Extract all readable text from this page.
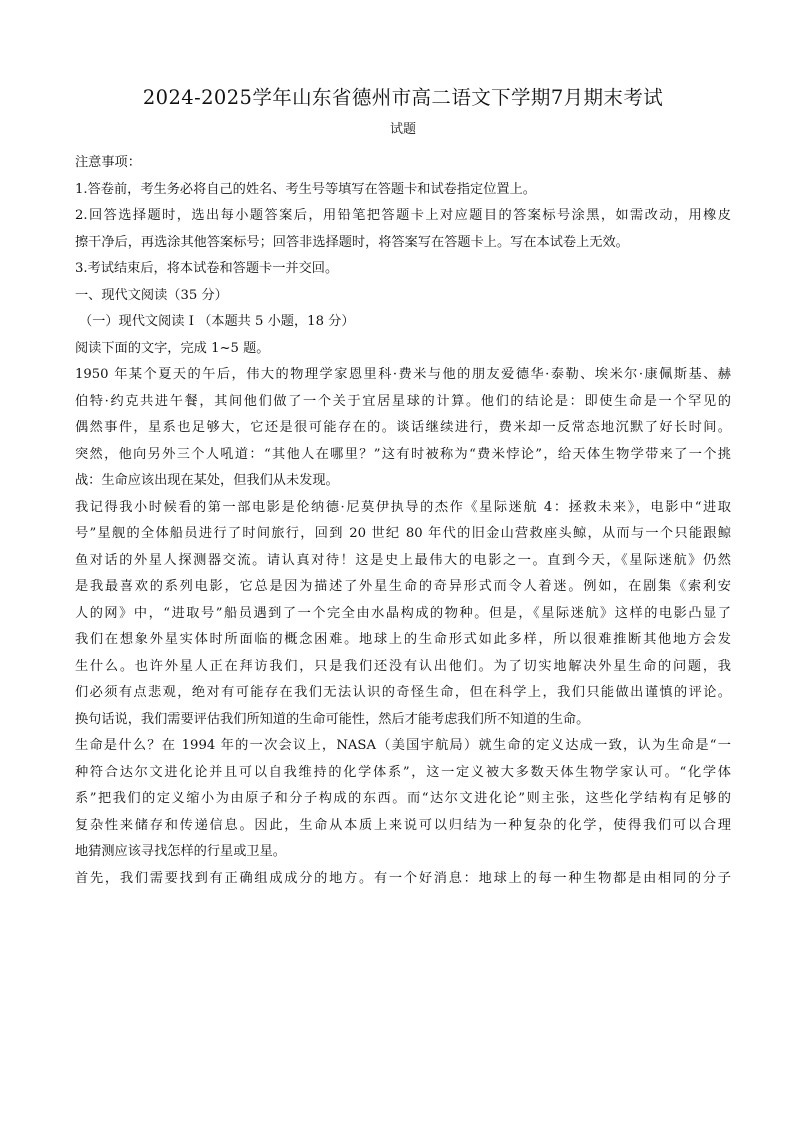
2024-2025学年山东省德州市高二语文下学期7月期末考试
试题
注意事项：
1.答卷前，考生务必将自己的姓名、考生号等填写在答题卡和试卷指定位置上。
2.回答选择题时，选出每小题答案后，用铅笔把答题卡上对应题目的答案标号涂黑，如需改动，用橡皮
擦干净后，再选涂其他答案标号；回答非选择题时，将答案写在答题卡上。写在本试卷上无效。
3.考试结束后，将本试卷和答题卡一并交回。
一、现代文阅读（35 分）
（一）现代文阅读 I （本题共 5 小题，18 分）
阅读下面的文字，完成 1~5 题。
1950 年某个夏天的午后，伟大的物理学家恩里科·费米与他的朋友爱德华·泰勒、埃米尔·康佩斯基、赫
伯特·约克共进午餐，其间他们做了一个关于宜居星球的计算。他们的结论是：即使生命是一个罕见的
偶然事件，星系也足够大，它还是很可能存在的。谈话继续进行，费米却一反常态地沉默了好长时间。
突然，他向另外三个人吼道：“其他人在哪里？”这有时被称为“费米悖论”，给天体生物学带来了一个挑
战：生命应该出现在某处，但我们从未发现。
我记得我小时候看的第一部电影是伦纳德·尼莫伊执导的杰作《星际迷航 4：拯救未来》，电影中“进取
号”星舰的全体船员进行了时间旅行，回到 20 世纪 80 年代的旧金山营救座头鲸，从而与一个只能跟鲸
鱼对话的外星人探测器交流。请认真对待！这是史上最伟大的电影之一。直到今天，《星际迷航》仍然
是我最喜欢的系列电影，它总是因为描述了外星生命的奇异形式而令人着迷。例如，在剧集《索利安
人的网》中，“进取号”船员遇到了一个完全由水晶构成的物种。但是，《星际迷航》这样的电影凸显了
我们在想象外星实体时所面临的概念困难。地球上的生命形式如此多样，所以很难推断其他地方会发
生什么。也许外星人正在拜访我们，只是我们还没有认出他们。为了切实地解决外星生命的问题，我
们必须有点悲观，绝对有可能存在我们无法认识的奇怪生命，但在科学上，我们只能做出谨慎的评论。
换句话说，我们需要评估我们所知道的生命可能性，然后才能考虑我们所不知道的生命。
生命是什么？在 1994 年的一次会议上，NASA（美国宇航局）就生命的定义达成一致，认为生命是“一
种符合达尔文进化论并且可以自我维持的化学体系”，这一定义被大多数天体生物学家认可。“化学体
系”把我们的定义缩小为由原子和分子构成的东西。而“达尔文进化论”则主张，这些化学结构有足够的
复杂性来储存和传递信息。因此，生命从本质上来说可以归结为一种复杂的化学，使得我们可以合理
地猜测应该寻找怎样的行星或卫星。
首先，我们需要找到有正确组成成分的地方。有一个好消息：地球上的每一种生物都是由相同的分子
